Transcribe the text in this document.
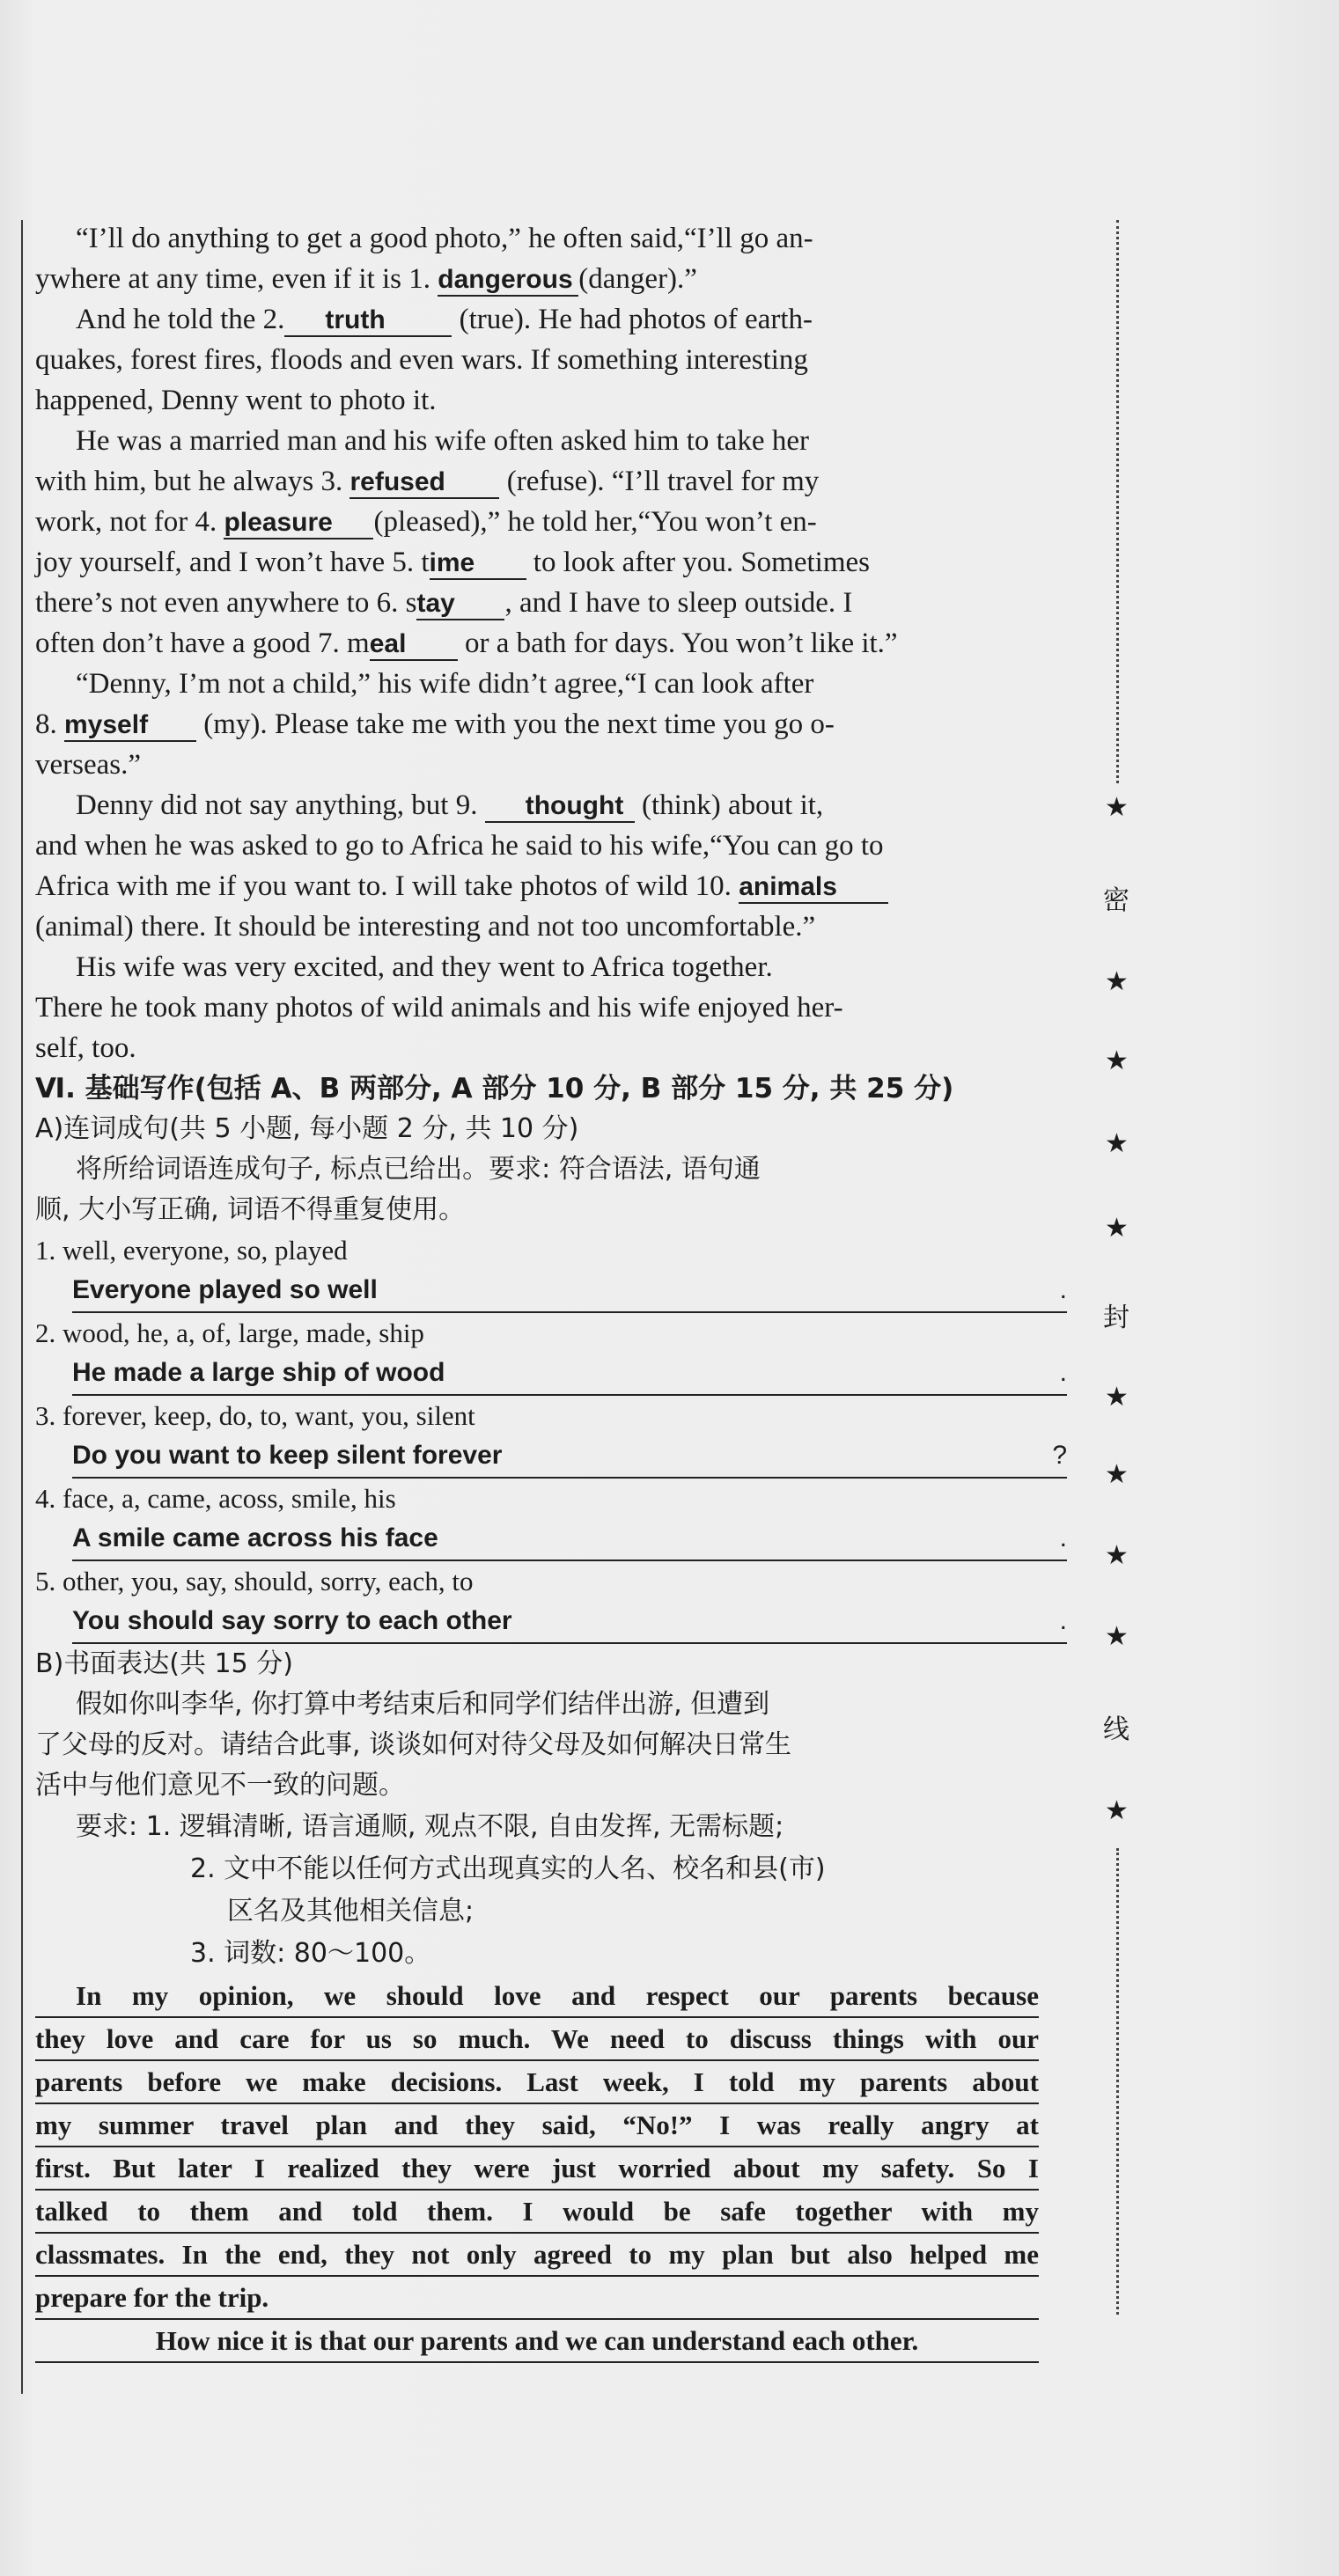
“I’ll do anything to get a good photo,” he often said,“I’ll go an-

ywhere at any time, even if it is 1. dangerous (danger).”

And he told the 2. truth	(true). He had photos of earth-

quakes, forest fires, floods and even wars. If something interesting

happened, Denny went to photo it.

He was a married man and his wife often asked him to take her

with him, but he always 3. refused (refuse). “I’ll travel for my

work, not for 4. pleasure (pleased),” he told her,“You won’t en-

joy yourself, and I won’t have 5. time to look after you. Sometimes

there’s not even anywhere to 6. stay , and I have to sleep outside. I

often don’t have a good 7. meal or a bath for days. You won’t like it.”

“Denny, I’m not a child,” his wife didn’t agree,“I can look after

8. myself (my). Please take me with you the next time you go o-

verseas.”

Denny did not say anything, but 9. thought (think) about it,

and when he was asked to go to Africa he said to his wife,“You can go to

Africa with me if you want to. I will take photos of wild 10. animals

(animal) there. It should be interesting and not too uncomfortable.”

His wife was very excited, and they went to Africa together.

There he took many photos of wild animals and his wife enjoyed her-

self, too.

Ⅵ. 基础写作(包括 A、B 两部分, A 部分 10 分, B 部分 15 分, 共 25 分)

A)连词成句(共 5 小题, 每小题 2 分, 共 10 分)

将所给词语连成句子, 标点已给出。要求: 符合语法, 语句通

顺, 大小写正确, 词语不得重复使用。

1. well, everyone, so, played

Everyone played so well	.

2. wood, he, a, of, large, made, ship

He made a large ship of wood	.

3. forever, keep, do, to, want, you, silent

Do you want to keep silent forever	?

4. face, a, came, acoss, smile, his

A smile came across his face	.

5. other, you, say, should, sorry, each, to

You should say sorry to each other	.

B)书面表达(共 15 分)

假如你叫李华, 你打算中考结束后和同学们结伴出游, 但遭到

了父母的反对。请结合此事, 谈谈如何对待父母及如何解决日常生

活中与他们意见不一致的问题。

要求: 1. 逻辑清晰, 语言通顺, 观点不限, 自由发挥, 无需标题;

2. 文中不能以任何方式出现真实的人名、校名和县(市)

区名及其他相关信息;

3. 词数: 80～100。

In my opinion, we should love and respect our parents because

they love and care for us so much. We need to discuss things with our

parents before we make decisions. Last week, I told my parents about

my summer travel plan and they said, “No!” I was really angry at

first. But later I realized they were just worried about my safety. So I

talked to them and told them. I would be safe together with my

classmates. In the end, they not only agreed to my plan but also helped me

prepare for the trip.

How nice it is that our parents and we can understand each other.

★
密
★
★
★
★
封
★
★
★
★
线
★
